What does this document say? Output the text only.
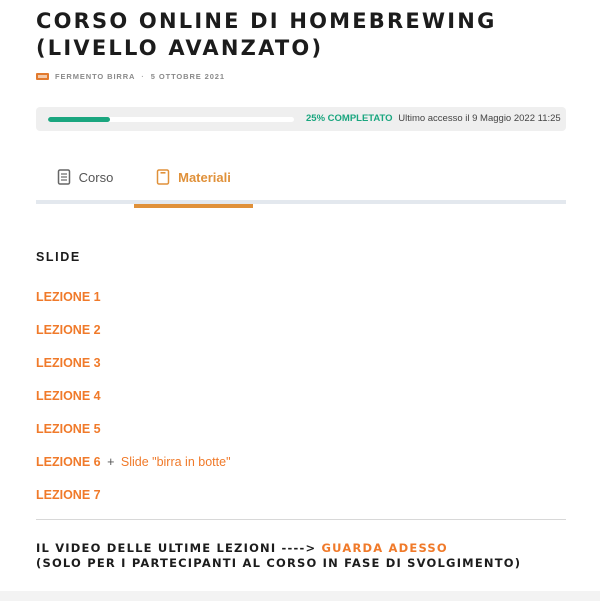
CORSO ONLINE DI HOMEBREWING
(LIVELLO AVANZATO)
FERMENTO BIRRA · 5 OTTOBRE 2021
25% COMPLETATO Ultimo accesso il 9 Maggio 2022 11:25
Corso	Materiali
SLIDE
LEZIONE 1
LEZIONE 2
LEZIONE 3
LEZIONE 4
LEZIONE 5
LEZIONE 6 + Slide "birra in botte"
LEZIONE 7
IL VIDEO DELLE ULTIME LEZIONI ----> GUARDA ADESSO
(SOLO PER I PARTECIPANTI AL CORSO IN FASE DI SVOLGIMENTO)
